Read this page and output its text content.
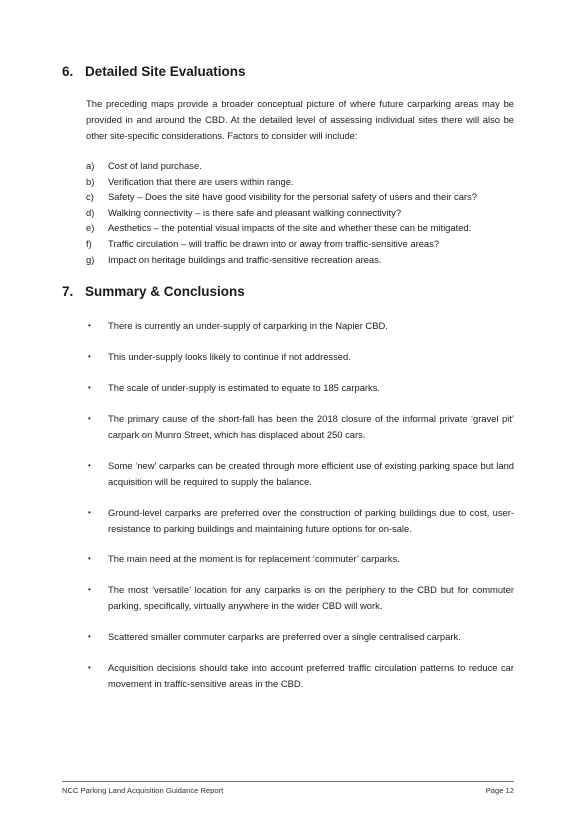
6. Detailed Site Evaluations

The preceding maps provide a broader conceptual picture of where future carparking areas may be provided in and around the CBD. At the detailed level of assessing individual sites there will also be other site-specific considerations. Factors to consider will include:

a) Cost of land purchase.
b) Verification that there are users within range.
c) Safety – Does the site have good visibility for the personal safety of users and their cars?
d) Walking connectivity – is there safe and pleasant walking connectivity?
e) Aesthetics – the potential visual impacts of the site and whether these can be mitigated.
f) Traffic circulation – will traffic be drawn into or away from traffic-sensitive areas?
g) Impact on heritage buildings and traffic-sensitive recreation areas.
7. Summary & Conclusions
• There is currently an under-supply of carparking in the Napier CBD.
• This under-supply looks likely to continue if not addressed.
• The scale of under-supply is estimated to equate to 185 carparks.
• The primary cause of the short-fall has been the 2018 closure of the informal private ‘gravel pit’ carpark on Munro Street, which has displaced about 250 cars.
• Some ‘new’ carparks can be created through more efficient use of existing parking space but land acquisition will be required to supply the balance.
• Ground-level carparks are preferred over the construction of parking buildings due to cost, user-resistance to parking buildings and maintaining future options for on-sale.
• The main need at the moment is for replacement ‘commuter’ carparks.
• The most ‘versatile’ location for any carparks is on the periphery to the CBD but for commuter parking, specifically, virtually anywhere in the wider CBD will work.
• Scattered smaller commuter carparks are preferred over a single centralised carpark.
• Acquisition decisions should take into account preferred traffic circulation patterns to reduce car movement in traffic-sensitive areas in the CBD.
NCC Parking Land Acquisition Guidance Report	Page 12
